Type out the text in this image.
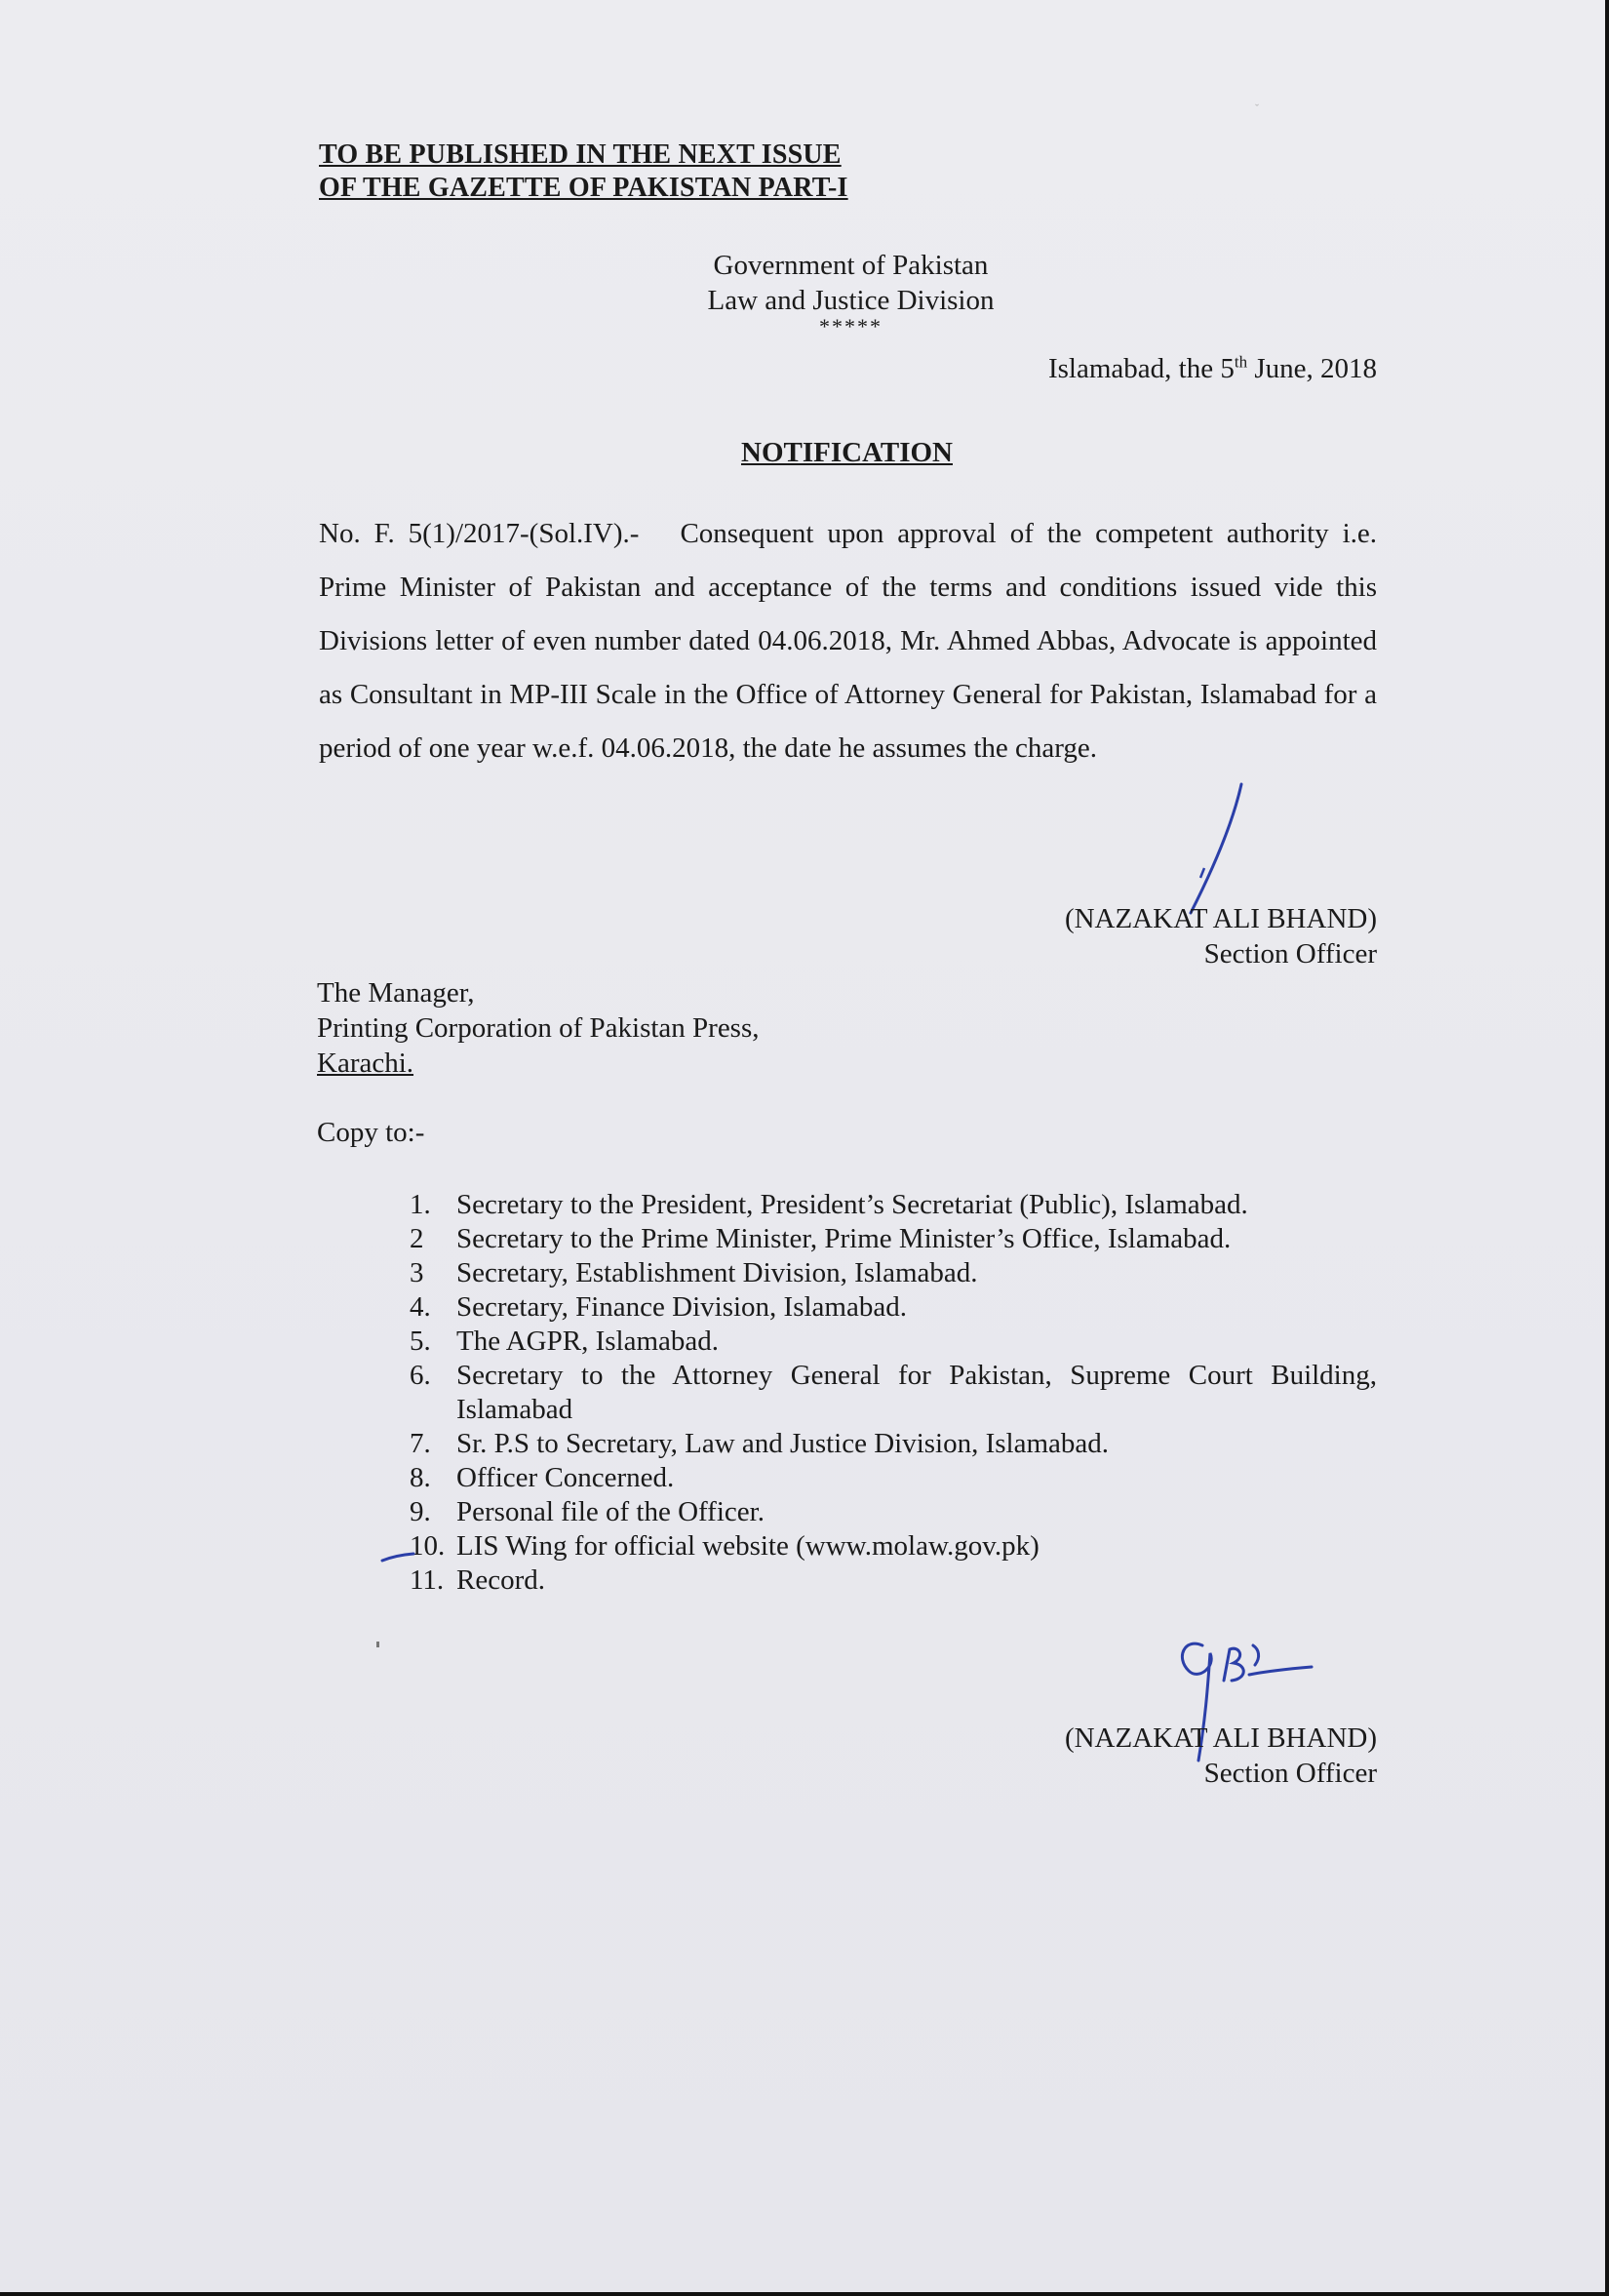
TO BE PUBLISHED IN THE NEXT ISSUE
OF THE GAZETTE OF PAKISTAN PART-I
Government of Pakistan
Law and Justice Division
*****
Islamabad, the 5th June, 2018
NOTIFICATION
No. F. 5(1)/2017-(Sol.IV).- Consequent upon approval of the competent authority i.e. Prime Minister of Pakistan and acceptance of the terms and conditions issued vide this Divisions letter of even number dated 04.06.2018, Mr. Ahmed Abbas, Advocate is appointed as Consultant in MP-III Scale in the Office of Attorney General for Pakistan, Islamabad for a period of one year w.e.f. 04.06.2018, the date he assumes the charge.
(NAZAKAT ALI BHAND)
Section Officer
The Manager,
Printing Corporation of Pakistan Press,
Karachi.
Copy to:-
1. Secretary to the President, President’s Secretariat (Public), Islamabad.
2	Secretary to the Prime Minister, Prime Minister’s Office, Islamabad.
3	Secretary, Establishment Division, Islamabad.
4. Secretary, Finance Division, Islamabad.
5. The AGPR, Islamabad.
6. Secretary to the Attorney General for Pakistan, Supreme Court Building, Islamabad
7. Sr. P.S to Secretary, Law and Justice Division, Islamabad.
8. Officer Concerned.
9. Personal file of the Officer.
10. LIS Wing for official website (www.molaw.gov.pk)
11. Record.
ˇ
(NAZAKAT ALI BHAND)
Section Officer
